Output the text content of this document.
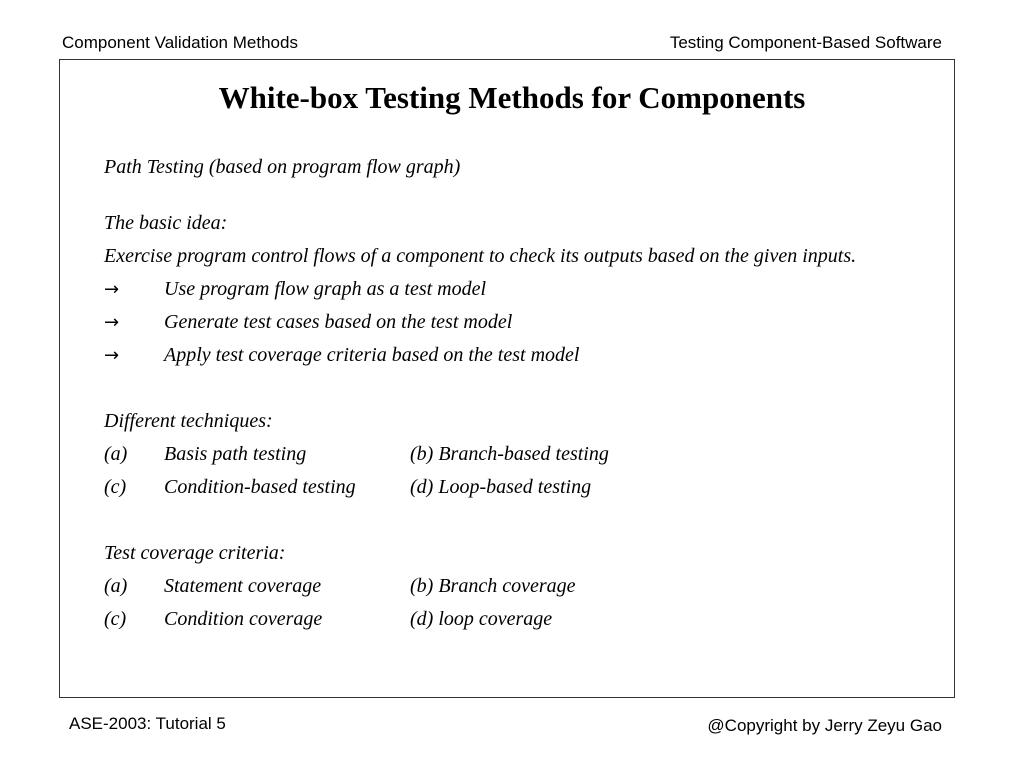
Component Validation Methods	Testing Component-Based Software
White-box Testing Methods for Components
Path Testing (based on program flow graph)
The basic idea:
Exercise program control flows of a component to check its outputs based on the given inputs.
→	Use program flow graph as a test model
→	Generate test cases based on the test model
→	Apply test coverage criteria based on the test model
Different techniques:
(a)	Basis path testing	(b) Branch-based testing
(c)	Condition-based testing	(d) Loop-based testing
Test coverage criteria:
(a)	Statement coverage	(b) Branch coverage
(c)	Condition coverage	(d) loop coverage
ASE-2003: Tutorial 5	@Copyright by Jerry Zeyu Gao
